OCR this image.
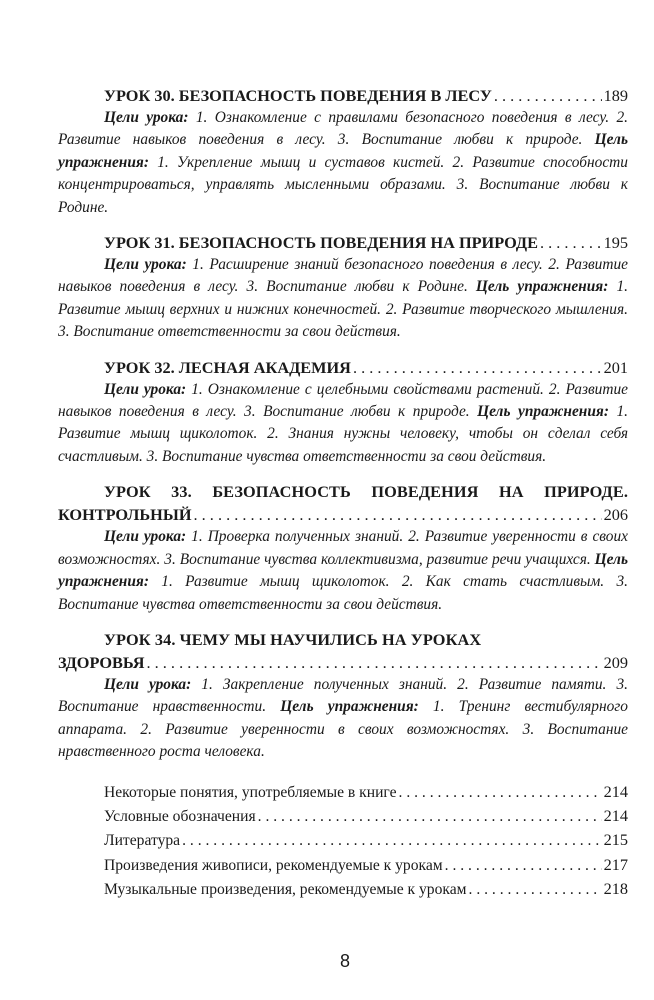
УРОК 30. БЕЗОПАСНОСТЬ ПОВЕДЕНИЯ В ЛЕСУ . . .	189

Цели урока: 1. Ознакомление с правилами безопасного поведения в лесу. 2. Развитие навыков поведения в лесу. 3. Воспитание любви к природе. Цель упражнения: 1. Укрепление мышц и суставов кистей. 2. Развитие способности концентрироваться, управлять мысленными образами. 3. Воспитание любви к Родине.

УРОК 31. БЕЗОПАСНОСТЬ ПОВЕДЕНИЯ НА ПРИРОДЕ . . .	195

Цели урока: 1. Расширение знаний безопасного поведения в лесу. 2. Развитие навыков поведения в лесу. 3. Воспитание любви к Родине. Цель упражнения: 1. Развитие мышц верхних и нижних конечностей. 2. Развитие творческого мышления. 3. Воспитание ответственности за свои действия.

УРОК 32. ЛЕСНАЯ АКАДЕМИЯ . . .	201

Цели урока: 1. Ознакомление с целебными свойствами растений. 2. Развитие навыков поведения в лесу. 3. Воспитание любви к природе. Цель упражнения: 1. Развитие мышц щиколоток. 2. Знания нужны человеку, чтобы он сделал себя счастливым. 3. Воспитание чувства ответственности за свои действия.

УРОК 33. БЕЗОПАСНОСТЬ ПОВЕДЕНИЯ НА ПРИРОДЕ.
КОНТРОЛЬНЫЙ . . .	206

Цели урока: 1. Проверка полученных знаний. 2. Развитие уверенности в своих возможностях. 3. Воспитание чувства коллективизма, развитие речи учащихся. Цель упражнения: 1. Развитие мышц щиколоток. 2. Как стать счастливым. 3. Воспитание чувства ответственности за свои действия.

УРОК 34. ЧЕМУ МЫ НАУЧИЛИСЬ НА УРОКАХ
ЗДОРОВЬЯ . . .	209

Цели урока: 1. Закрепление полученных знаний. 2. Развитие памяти. 3. Воспитание нравственности. Цель упражнения: 1. Тренинг вестибулярного аппарата. 2. Развитие уверенности в своих возможностях. 3. Воспитание нравственного роста человека.

Некоторые понятия, употребляемые в книге . . .	214
Условные обозначения . . .	214
Литература . . .	215
Произведения живописи, рекомендуемые к урокам . . .	217
Музыкальные произведения, рекомендуемые к урокам . . .	218
8
